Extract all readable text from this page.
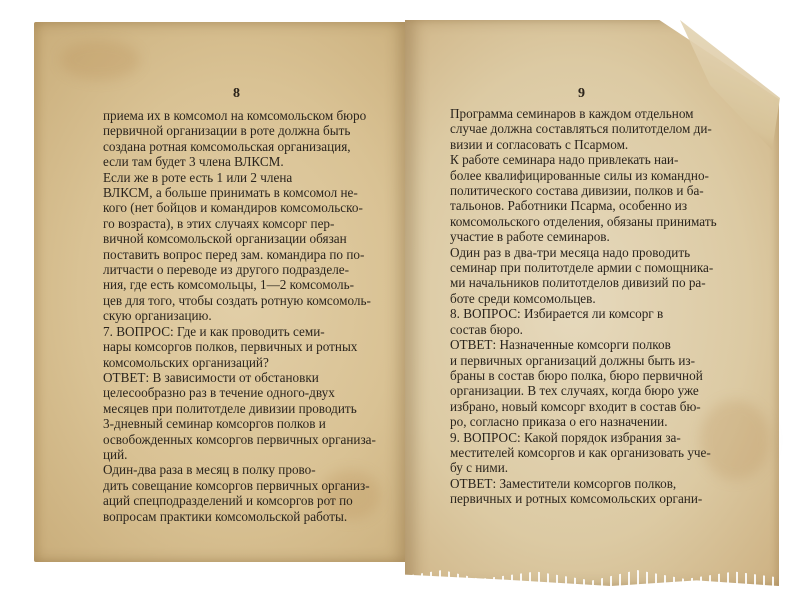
8	9

приема их в комсомол на комсомольском бюро

первичной организации в роте должна быть

создана ротная комсомольская организация,

если там будет 3 члена ВЛКСМ.

Если же в роте есть 1 или 2 члена

ВЛКСМ, а больше принимать в комсомол не-

кого (нет бойцов и командиров комсомольско-

го возраста), в этих случаях комсорг пер-

вичной комсомольской организации обязан

поставить вопрос перед зам. командира по по-

литчасти о переводе из другого подразделе-

ния, где есть комсомольцы, 1—2 комсомоль-

цев для того, чтобы создать ротную комсомоль-

скую организацию.

7. ВОПРОС: Где и как проводить семи-

нары комсоргов полков, первичных и ротных

комсомольских организаций?

ОТВЕТ: В зависимости от обстановки

целесообразно раз в течение одного-двух

месяцев при политотделе дивизии проводить

3-дневный семинар комсоргов полков и

освобожденных комсоргов первичных организа-

ций.

Один-два раза в месяц в полку прово-

дить совещание комсоргов первичных организ-

аций спецподразделений и комсоргов рот по

вопросам практики комсомольской работы.

Программа семинаров в каждом отдельном

случае должна составляться политотделом ди-

визии и согласовать с Псармом.

К работе семинара надо привлекать наи-

более квалифицированные силы из командно-

политического состава дивизии, полков и ба-

тальонов. Работники Псарма, особенно из

комсомольского отделения, обязаны принимать

участие в работе семинаров.

Один раз в два-три месяца надо проводить

семинар при политотделе армии с помощника-

ми начальников политотделов дивизий по ра-

боте среди комсомольцев.

8. ВОПРОС: Избирается ли комсорг в

состав бюро.

ОТВЕТ: Назначенные комсорги полков

и первичных организаций должны быть из-

браны в состав бюро полка, бюро первичной

организации. В тех случаях, когда бюро уже

избрано, новый комсорг входит в состав бю-

ро, согласно приказа о его назначении.

9. ВОПРОС: Какой порядок избрания за-

местителей комсоргов и как организовать уче-

бу с ними.

ОТВЕТ: Заместители комсоргов полков,

первичных и ротных комсомольских органи-
